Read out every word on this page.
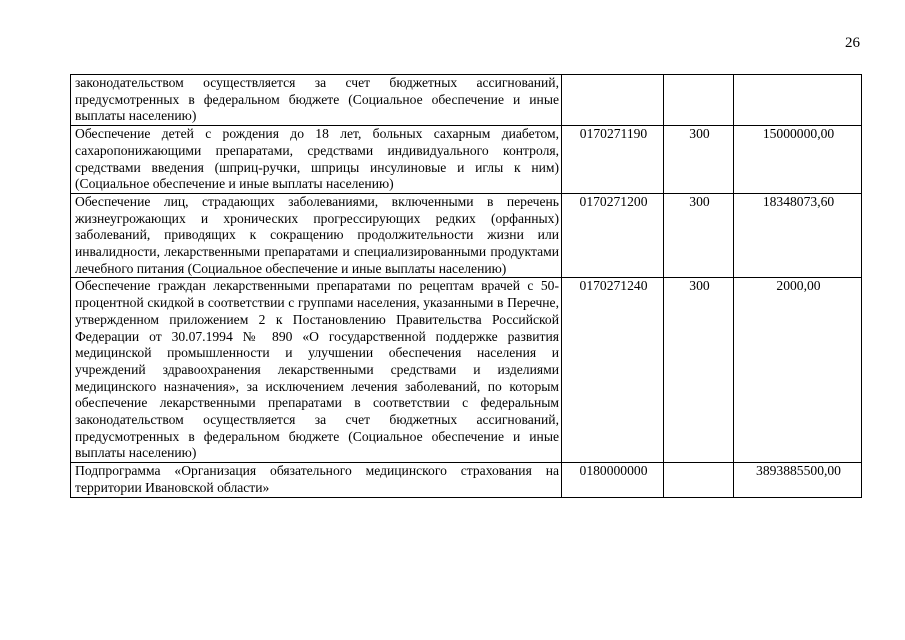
26
законодательством осуществляется за счет бюджетных ассигнований, предусмотренных в федеральном бюджете (Социальное обеспечение и иные выплаты населению)			
Обеспечение детей с рождения до 18 лет, больных сахарным диабетом, сахаропонижающими препаратами, средствами индивидуального контроля, средствами введения (шприц-ручки, шприцы инсулиновые и иглы к ним) (Социальное обеспечение и иные выплаты населению)	0170271190	300	15000000,00
Обеспечение лиц, страдающих заболеваниями, включенными в перечень жизнеугрожающих и хронических прогрессирующих редких (орфанных) заболеваний, приводящих к сокращению продолжительности жизни или инвалидности, лекарственными препаратами и специализированными продуктами лечебного питания (Социальное обеспечение и иные выплаты населению)	0170271200	300	18348073,60
Обеспечение граждан лекарственными препаратами по рецептам врачей с 50-процентной скидкой в соответствии с группами населения, указанными в Перечне, утвержденном приложением 2 к Постановлению Правительства Российской Федерации от 30.07.1994 № 890 «О государственной поддержке развития медицинской промышленности и улучшении обеспечения населения и учреждений здравоохранения лекарственными средствами и изделиями медицинского назначения», за исключением лечения заболеваний, по которым обеспечение лекарственными препаратами в соответствии с федеральным законодательством осуществляется за счет бюджетных ассигнований, предусмотренных в федеральном бюджете (Социальное обеспечение и иные выплаты населению)	0170271240	300	2000,00
Подпрограмма «Организация обязательного медицинского страхования на территории Ивановской области»	0180000000		3893885500,00
